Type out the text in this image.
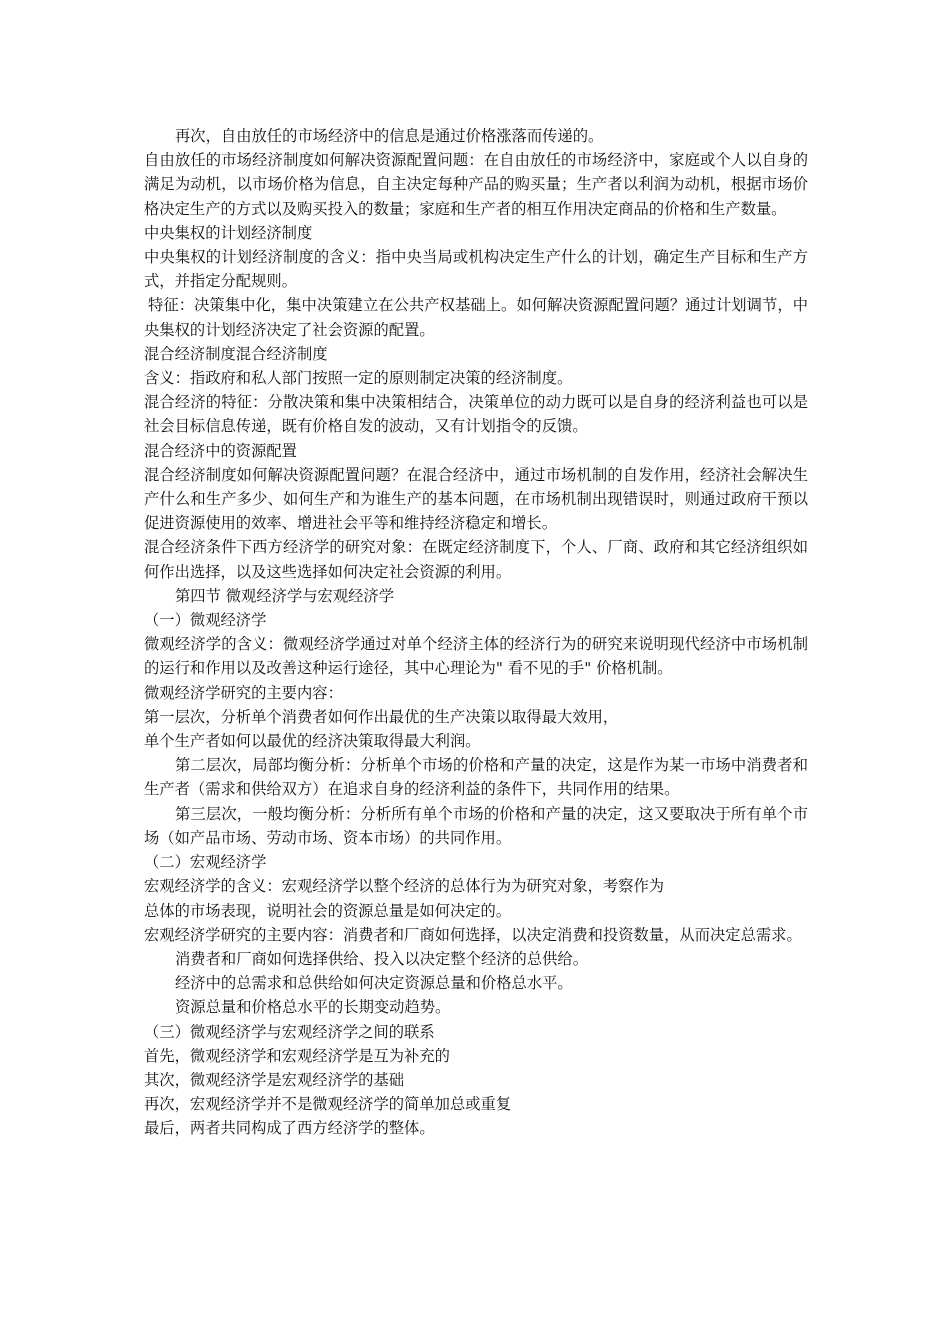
再次，自由放任的市场经济中的信息是通过价格涨落而传递的。

自由放任的市场经济制度如何解决资源配置问题：在自由放任的市场经济中，家庭或个人以自身的满足为动机，以市场价格为信息，自主决定每种产品的购买量；生产者以利润为动机，根据市场价格决定生产的方式以及购买投入的数量；家庭和生产者的相互作用决定商品的价格和生产数量。

中央集权的计划经济制度

中央集权的计划经济制度的含义：指中央当局或机构决定生产什么的计划，确定生产目标和生产方式，并指定分配规则。

特征：决策集中化，集中决策建立在公共产权基础上。如何解决资源配置问题？通过计划调节，中央集权的计划经济决定了社会资源的配置。

混合经济制度混合经济制度

含义：指政府和私人部门按照一定的原则制定决策的经济制度。

混合经济的特征：分散决策和集中决策相结合，决策单位的动力既可以是自身的经济利益也可以是社会目标信息传递，既有价格自发的波动，又有计划指令的反馈。

混合经济中的资源配置

混合经济制度如何解决资源配置问题？在混合经济中，通过市场机制的自发作用，经济社会解决生产什么和生产多少、如何生产和为谁生产的基本问题，在市场机制出现错误时，则通过政府干预以促进资源使用的效率、增进社会平等和维持经济稳定和增长。

混合经济条件下西方经济学的研究对象：在既定经济制度下，个人、厂商、政府和其它经济组织如何作出选择，以及这些选择如何决定社会资源的利用。

第四节 微观经济学与宏观经济学

（一）微观经济学

微观经济学的含义：微观经济学通过对单个经济主体的经济行为的研究来说明现代经济中市场机制的运行和作用以及改善这种运行途径，其中心理论为" 看不见的手" 价格机制。

微观经济学研究的主要内容：

第一层次，分析单个消费者如何作出最优的生产决策以取得最大效用，

单个生产者如何以最优的经济决策取得最大利润。

第二层次，局部均衡分析：分析单个市场的价格和产量的决定，这是作为某一市场中消费者和生产者（需求和供给双方）在追求自身的经济利益的条件下，共同作用的结果。

第三层次，一般均衡分析：分析所有单个市场的价格和产量的决定，这又要取决于所有单个市场（如产品市场、劳动市场、资本市场）的共同作用。

（二）宏观经济学

宏观经济学的含义：宏观经济学以整个经济的总体行为为研究对象，考察作为

总体的市场表现，说明社会的资源总量是如何决定的。

宏观经济学研究的主要内容：消费者和厂商如何选择，以决定消费和投资数量，从而决定总需求。

消费者和厂商如何选择供给、投入以决定整个经济的总供给。

经济中的总需求和总供给如何决定资源总量和价格总水平。

资源总量和价格总水平的长期变动趋势。

（三）微观经济学与宏观经济学之间的联系

首先，微观经济学和宏观经济学是互为补充的

其次，微观经济学是宏观经济学的基础

再次，宏观经济学并不是微观经济学的简单加总或重复

最后，两者共同构成了西方经济学的整体。
